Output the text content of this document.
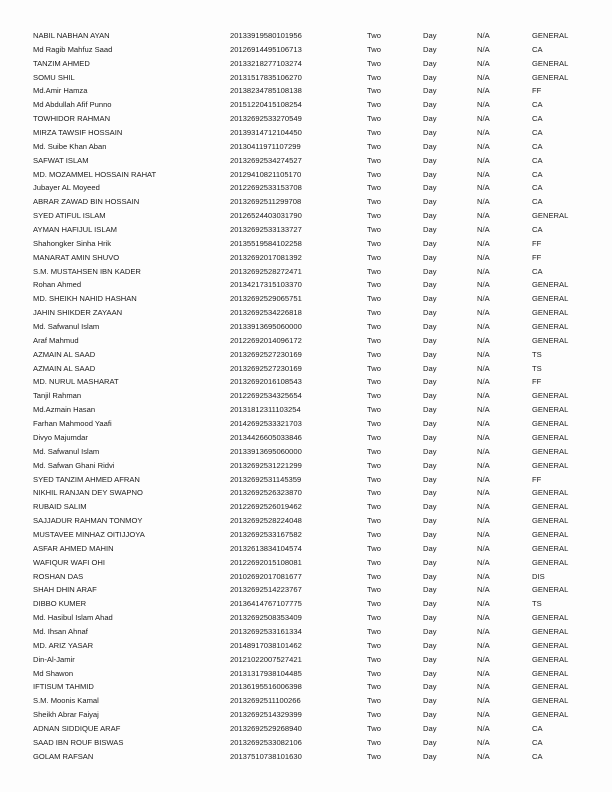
NABIL NABHAN AYAN	20133919580101956	Two	Day	N/A	GENERAL
Md Ragib Mahfuz Saad	20126914495106713	Two	Day	N/A	CA
TANZIM AHMED	20133218277103274	Two	Day	N/A	GENERAL
SOMU SHIL	20131517835106270	Two	Day	N/A	GENERAL
Md.Amir Hamza	20138234785108138	Two	Day	N/A	FF
Md Abdullah Afif Punno	20151220415108254	Two	Day	N/A	CA
TOWHIDOR RAHMAN	20132692533270549	Two	Day	N/A	CA
MIRZA TAWSIF HOSSAIN	20139314712104450	Two	Day	N/A	CA
Md. Suibe Khan Aban	20130411971107299	Two	Day	N/A	CA
SAFWAT ISLAM	20132692534274527	Two	Day	N/A	CA
MD. MOZAMMEL HOSSAIN RAHAT	20129410821105170	Two	Day	N/A	CA
Jubayer AL Moyeed	20122692533153708	Two	Day	N/A	CA
ABRAR ZAWAD BIN HOSSAIN	20132692511299708	Two	Day	N/A	CA
SYED ATIFUL ISLAM	20126524403031790	Two	Day	N/A	GENERAL
AYMAN HAFIJUL ISLAM	20132692533133727	Two	Day	N/A	CA
Shahongker Sinha Hrik	20135519584102258	Two	Day	N/A	FF
MANARAT AMIN SHUVO	20132692017081392	Two	Day	N/A	FF
S.M. MUSTAHSEN IBN KADER	20132692528272471	Two	Day	N/A	CA
Rohan Ahmed	20134217315103370	Two	Day	N/A	GENERAL
MD. SHEIKH NAHID HASHAN	20132692529065751	Two	Day	N/A	GENERAL
JAHIN SHIKDER ZAYAAN	20132692534226818	Two	Day	N/A	GENERAL
Md. Safwanul Islam	20133913695060000	Two	Day	N/A	GENERAL
Araf Mahmud	20122692014096172	Two	Day	N/A	GENERAL
AZMAIN AL SAAD	20132692527230169	Two	Day	N/A	TS
AZMAIN AL SAAD	20132692527230169	Two	Day	N/A	TS
MD. NURUL MASHARAT	20132692016108543	Two	Day	N/A	FF
Tanjil Rahman	20122692534325654	Two	Day	N/A	GENERAL
Md.Azmain Hasan	20131812311103254	Two	Day	N/A	GENERAL
Farhan Mahmood Yaafi	20142692533321703	Two	Day	N/A	GENERAL
Divyo Majumdar	20134426605033846	Two	Day	N/A	GENERAL
Md. Safwanul Islam	20133913695060000	Two	Day	N/A	GENERAL
Md. Safwan Ghani Ridvi	20132692531221299	Two	Day	N/A	GENERAL
SYED TANZIM AHMED AFRAN	20132692531145359	Two	Day	N/A	FF
NIKHIL RANJAN DEY SWAPNO	20132692526323870	Two	Day	N/A	GENERAL
RUBAID SALIM	20122692526019462	Two	Day	N/A	GENERAL
SAJJADUR RAHMAN TONMOY	20132692528224048	Two	Day	N/A	GENERAL
MUSTAVEE MINHAZ OITIJJOYA	20132692533167582	Two	Day	N/A	GENERAL
ASFAR AHMED MAHIN	20132613834104574	Two	Day	N/A	GENERAL
WAFIQUR WAFI OHI	20122692015108081	Two	Day	N/A	GENERAL
ROSHAN DAS	20102692017081677	Two	Day	N/A	DIS
SHAH DHIN ARAF	20132692514223767	Two	Day	N/A	GENERAL
DIBBO KUMER	20136414767107775	Two	Day	N/A	TS
Md. Hasibul Islam Ahad	20132692508353409	Two	Day	N/A	GENERAL
Md. Ihsan Ahnaf	20132692533161334	Two	Day	N/A	GENERAL
MD. ARIZ YASAR	20148917038101462	Two	Day	N/A	GENERAL
Din-Al-Jamir	20121022007527421	Two	Day	N/A	GENERAL
Md Shawon	20131317938104485	Two	Day	N/A	GENERAL
IFTISUM TAHMID	20136195516006398	Two	Day	N/A	GENERAL
S.M. Moonis Kamal	20132692511100266	Two	Day	N/A	GENERAL
Sheikh Abrar Faiyaj	20132692514329399	Two	Day	N/A	GENERAL
ADNAN SIDDIQUE ARAF	20132692529268940	Two	Day	N/A	CA
SAAD IBN ROUF BISWAS	20132692533082106	Two	Day	N/A	CA
GOLAM RAFSAN	20137510738101630	Two	Day	N/A	CA
